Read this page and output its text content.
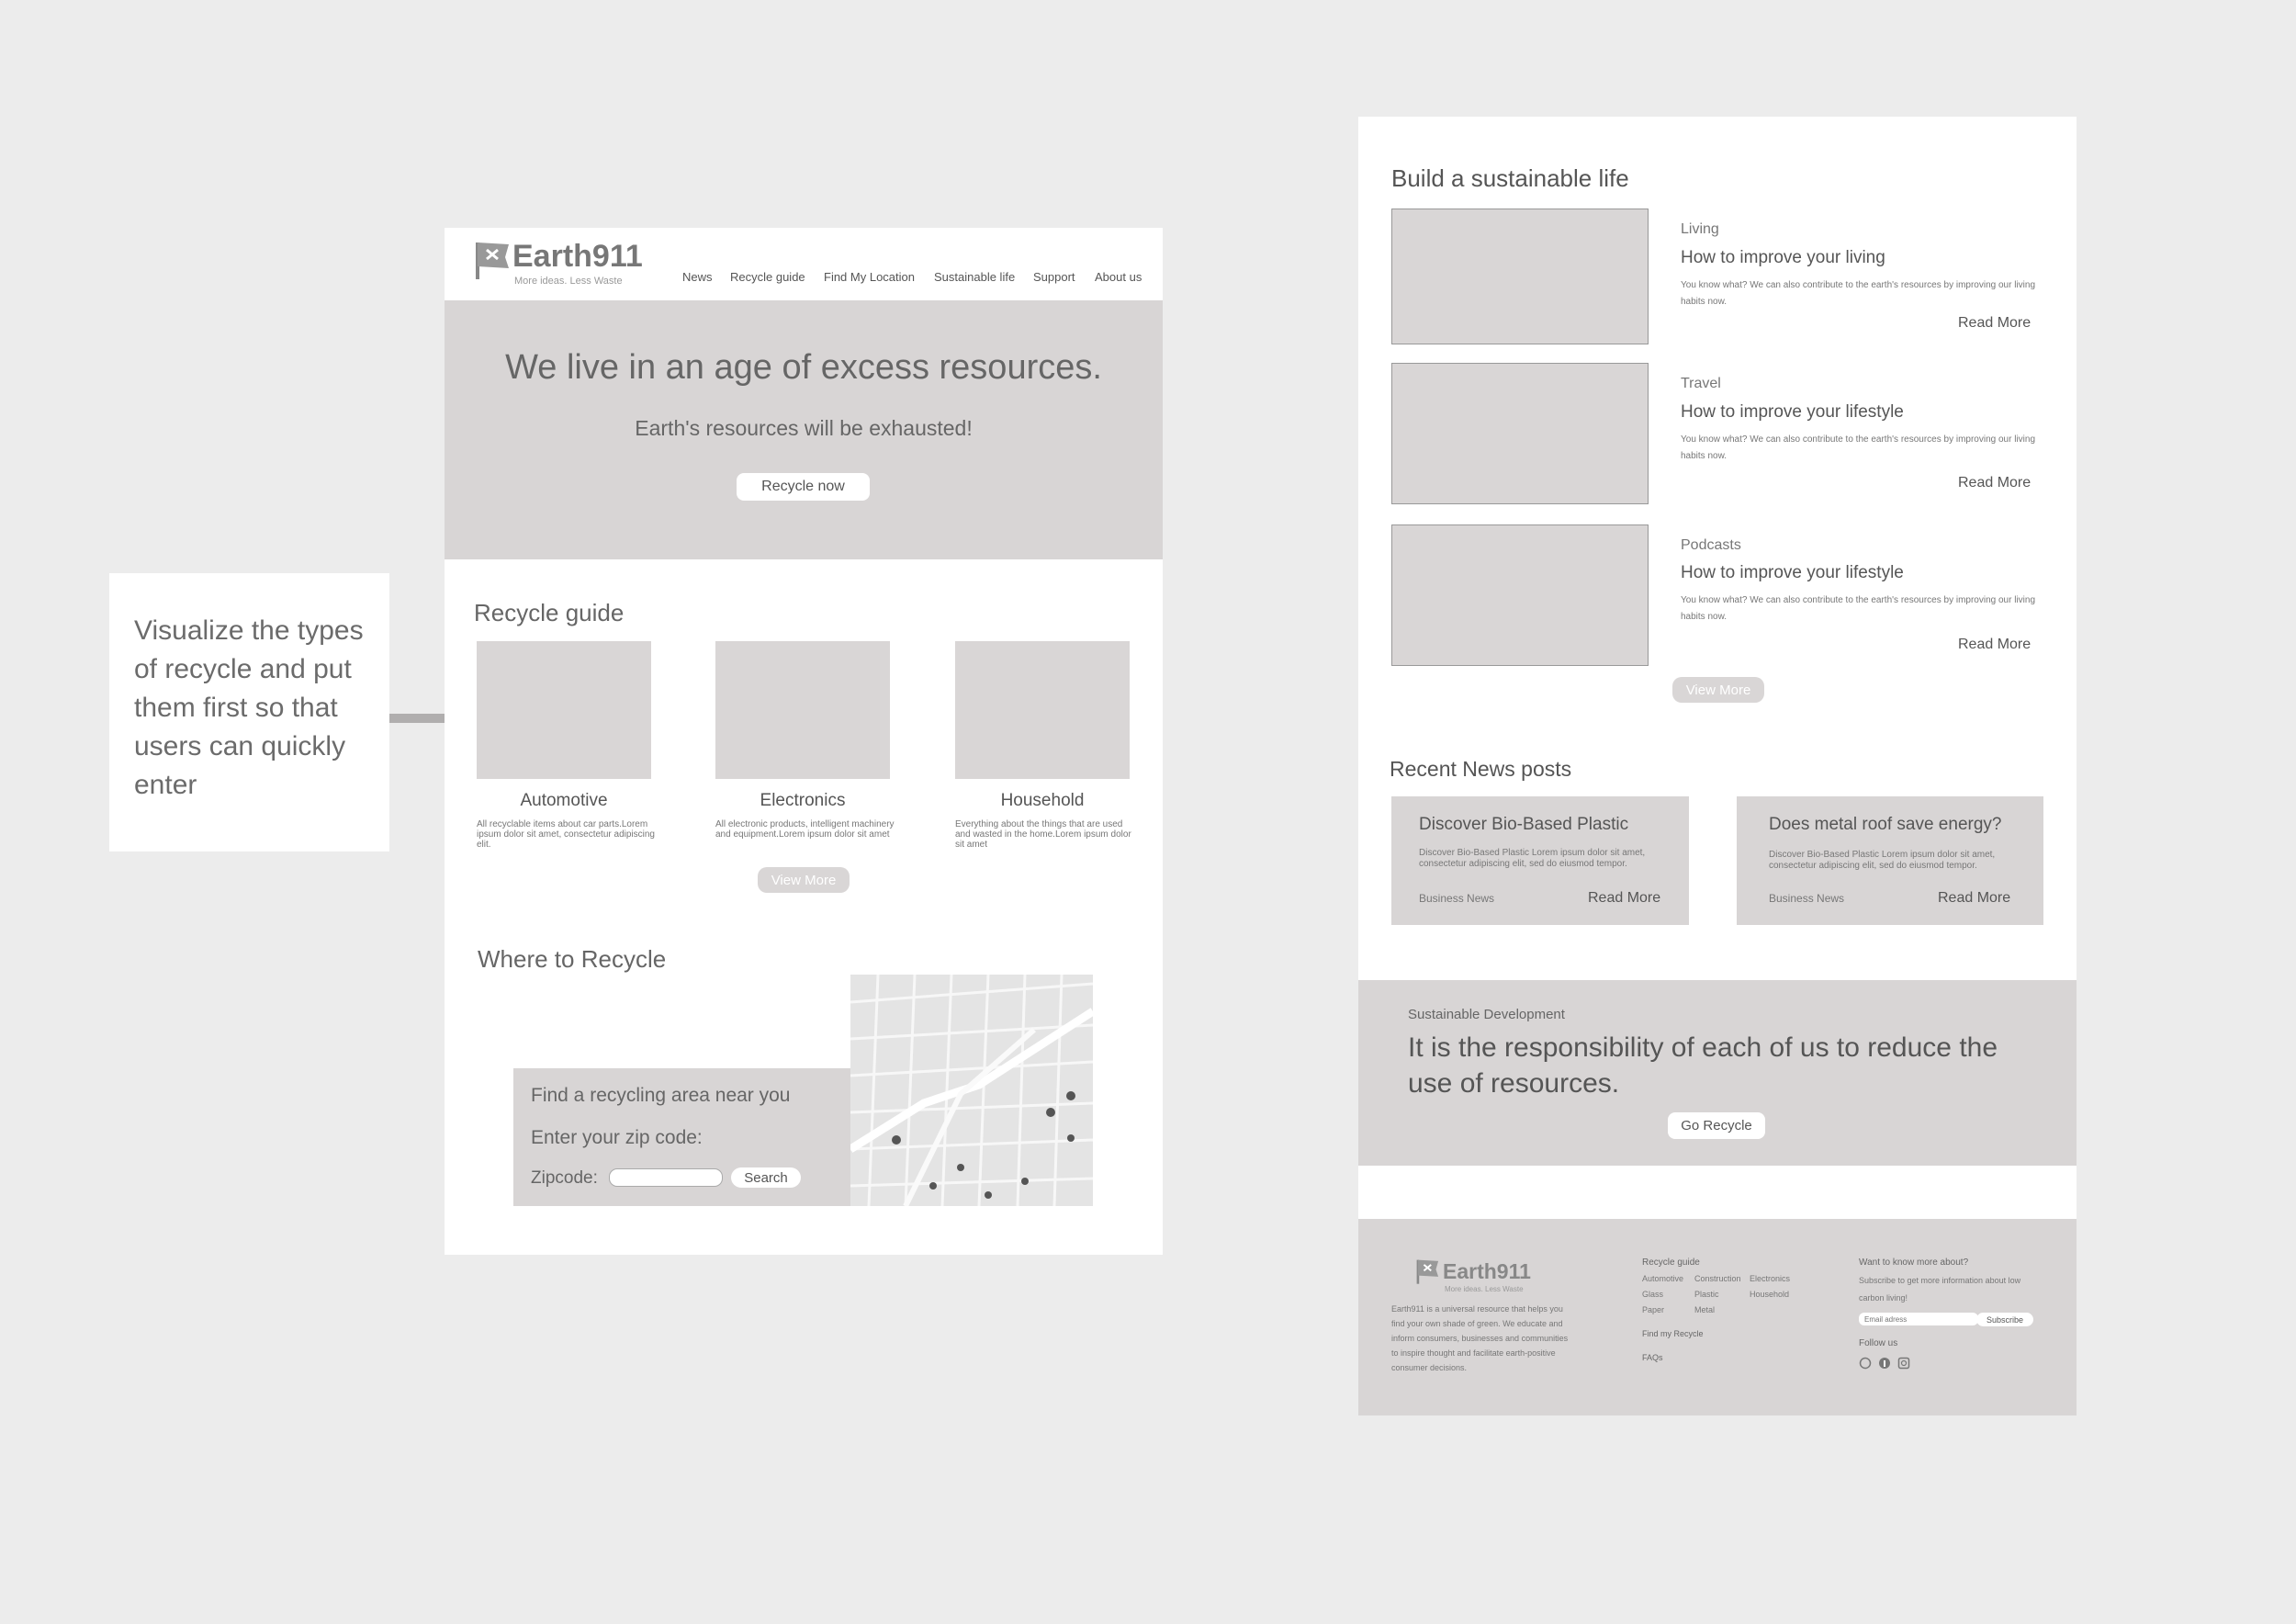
Visualize the types of recycle and put them first so that users can quickly enter
Earth911
More ideas. Less Waste	News Recycle guide Find My Location Sustainable life Support About us
We live in an age of excess resources.
Earth's resources will be exhausted!
Recycle now
Recycle guide
Automotive
All recyclable items about car parts.Lorem ipsum dolor sit amet, consectetur adipiscing elit.
Electronics
All electronic products, intelligent machinery and equipment.Lorem ipsum dolor sit amet
Household
Everything about the things that are used and wasted in the home.Lorem ipsum dolor sit amet
View More
Where to Recycle
Find a recycling area near you
Enter your zip code:
Zipcode:	Search
Build a sustainable life
Living
How to improve your living
You know what? We can also contribute to the earth's resources by improving our living habits now.
Read More
Travel
How to improve your lifestyle
You know what? We can also contribute to the earth's resources by improving our living habits now.
Read More
Podcasts
How to improve your lifestyle
You know what? We can also contribute to the earth's resources by improving our living habits now.
Read More
View More
Recent News posts
Discover Bio-Based Plastic
Discover Bio-Based Plastic Lorem ipsum dolor sit amet, consectetur adipiscing elit, sed do eiusmod tempor.
Business News	Read More
Does metal roof save energy?
Discover Bio-Based Plastic Lorem ipsum dolor sit amet, consectetur adipiscing elit, sed do eiusmod tempor.
Business News	Read More
Sustainable Development
It is the responsibility of each of us to reduce the use of resources.
Go Recycle
Earth911
More ideas. Less Waste
Earth911 is a universal resource that helps you find your own shade of green. We educate and inform consumers, businesses and communities to inspire thought and facilitate earth-positive consumer decisions.
Recycle guide
Automotive Construction Electronics
Glass	Plastic	Household
Paper	Metal
Find my Recycle
FAQs
Want to know more about?
Subscribe to get more information about low carbon living!
Email adress
Subscribe
Follow us
